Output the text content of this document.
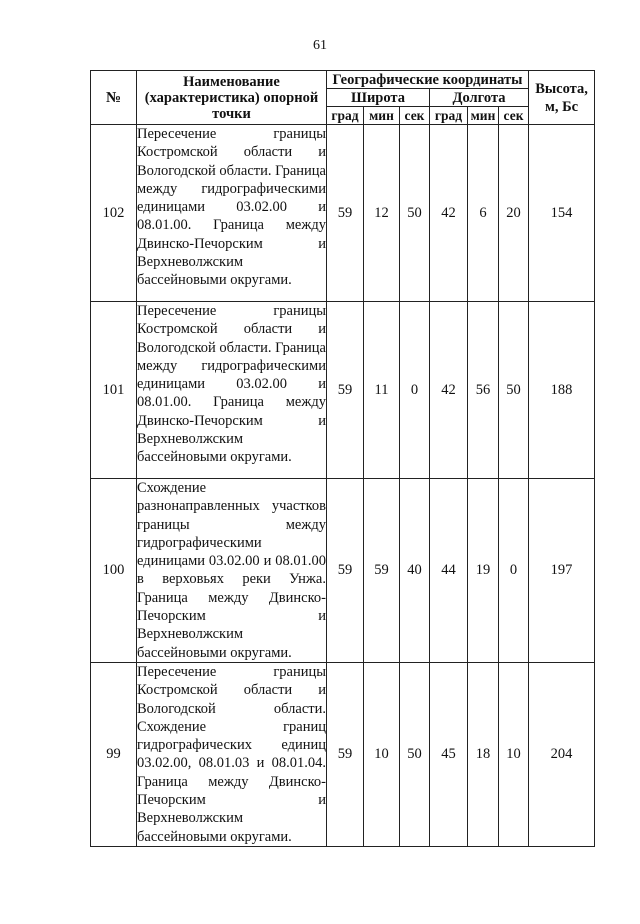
61
№	Наименование (характеристика) опорной точки	Географические координаты						Высота, м, Бс
		Широта			Долгота			
		град	мин	сек	град	мин	сек	
102	Пересечение границы Костромской области и Вологодской области. Граница между гидрографическими единицами 03.02.00 и 08.01.00. Граница между Двинско-Печорским и Верхневолжским бассейновыми округами.	59	12	50	42	6	20	154
101	Пересечение границы Костромской области и Вологодской области. Граница между гидрографическими единицами 03.02.00 и 08.01.00. Граница между Двинско-Печорским и Верхневолжским бассейновыми округами.	59	11	0	42	56	50	188
100	Схождение разнонаправленных участков границы между гидрографическими единицами 03.02.00 и 08.01.00 в верховьях реки Унжа. Граница между Двинско-Печорским и Верхневолжским бассейновыми округами.	59	59	40	44	19	0	197
99	Пересечение границы Костромской области и Вологодской области. Схождение границ гидрографических единиц 03.02.00, 08.01.03 и 08.01.04. Граница между Двинско-Печорским и Верхневолжским бассейновыми округами.	59	10	50	45	18	10	204
